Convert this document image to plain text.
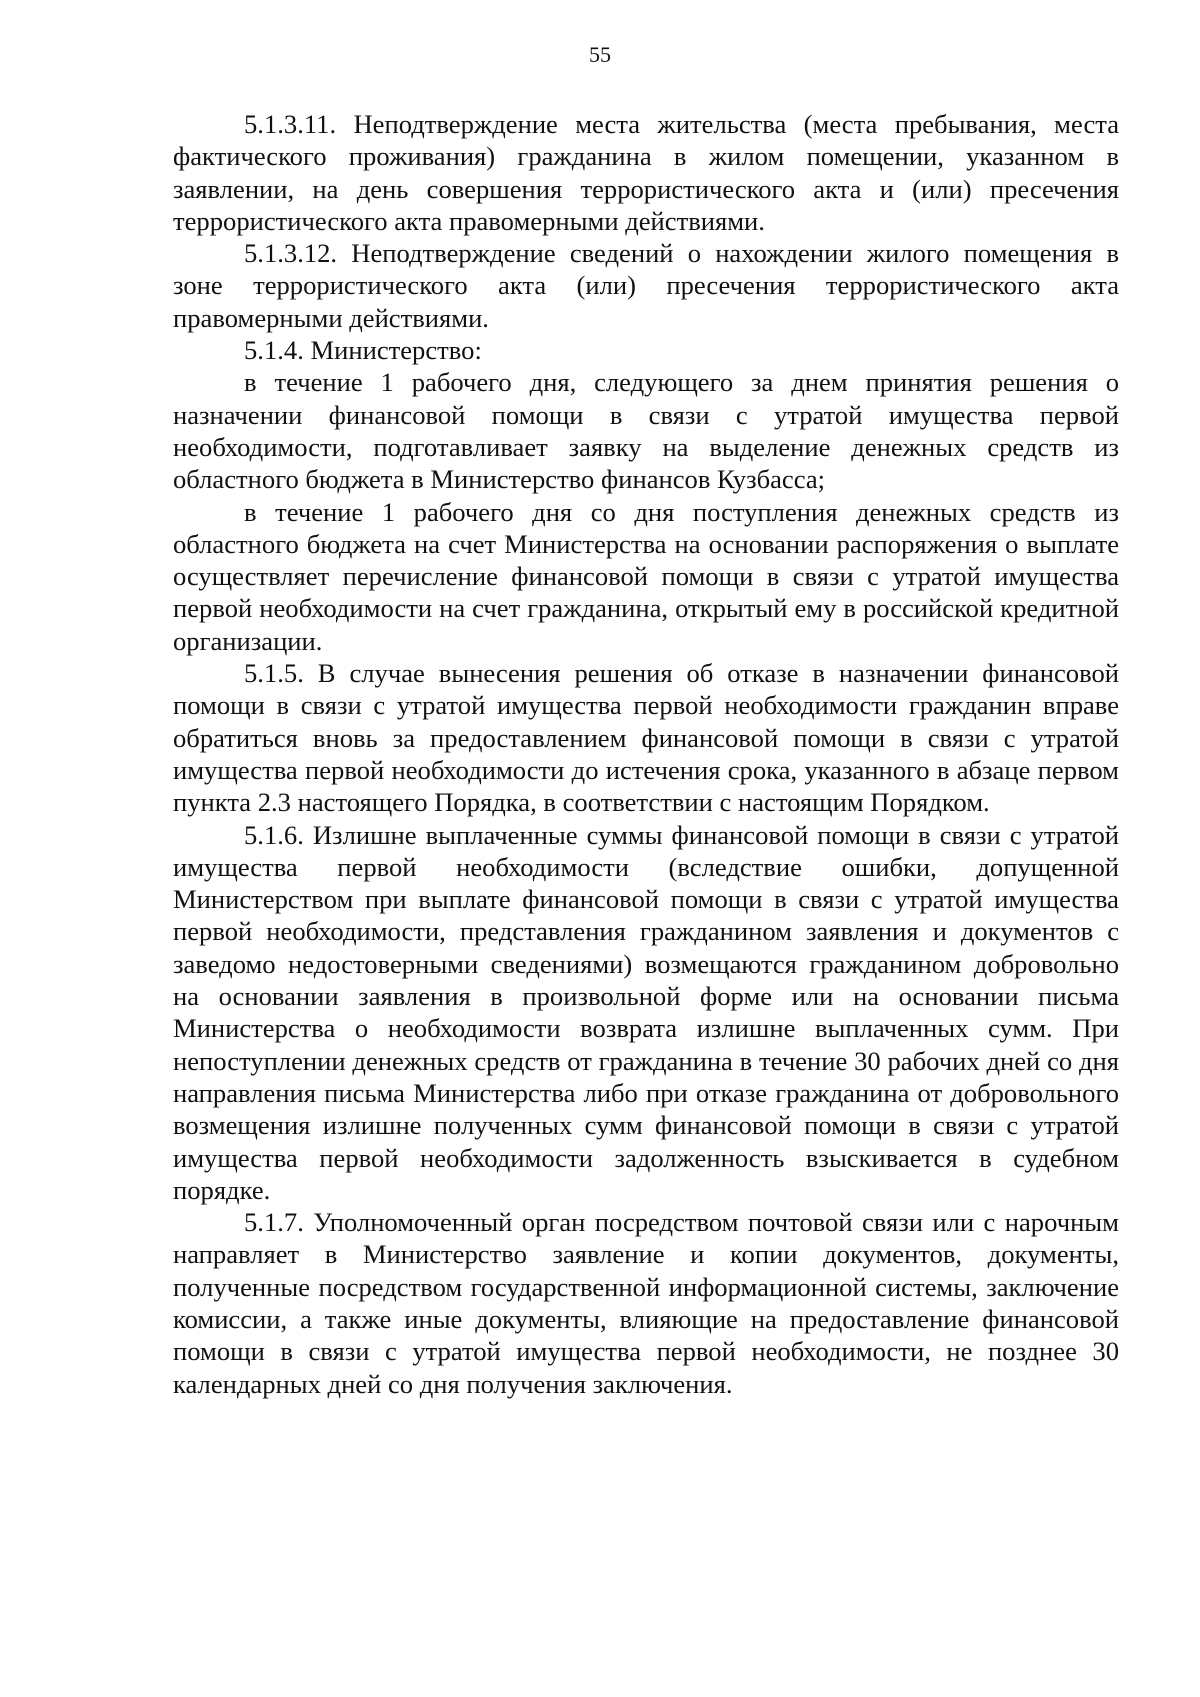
55

5.1.3.11. Неподтверждение места жительства (места пребывания, места фактического проживания) гражданина в жилом помещении, указанном в заявлении, на день совершения террористического акта и (или) пресечения террористического акта правомерными действиями.

5.1.3.12. Неподтверждение сведений о нахождении жилого помещения в зоне террористического акта (или) пресечения террористического акта правомерными действиями.

5.1.4. Министерство:

в течение 1 рабочего дня, следующего за днем принятия решения о назначении финансовой помощи в связи с утратой имущества первой необходимости, подготавливает заявку на выделение денежных средств из областного бюджета в Министерство финансов Кузбасса;

в течение 1 рабочего дня со дня поступления денежных средств из областного бюджета на счет Министерства на основании распоряжения о выплате осуществляет перечисление финансовой помощи в связи с утратой имущества первой необходимости на счет гражданина, открытый ему в российской кредитной организации.

5.1.5. В случае вынесения решения об отказе в назначении финансовой помощи в связи с утратой имущества первой необходимости гражданин вправе обратиться вновь за предоставлением финансовой помощи в связи с утратой имущества первой необходимости до истечения срока, указанного в абзаце первом пункта 2.3 настоящего Порядка, в соответствии с настоящим Порядком.

5.1.6. Излишне выплаченные суммы финансовой помощи в связи с утратой имущества первой необходимости (вследствие ошибки, допущенной Министерством при выплате финансовой помощи в связи с утратой имущества первой необходимости, представления гражданином заявления и документов с заведомо недостоверными сведениями) возмещаются гражданином добровольно на основании заявления в произвольной форме или на основании письма Министерства о необходимости возврата излишне выплаченных сумм. При непоступлении денежных средств от гражданина в течение 30 рабочих дней со дня направления письма Министерства либо при отказе гражданина от добровольного возмещения излишне полученных сумм финансовой помощи в связи с утратой имущества первой необходимости задолженность взыскивается в судебном порядке.

5.1.7. Уполномоченный орган посредством почтовой связи или с нарочным направляет в Министерство заявление и копии документов, документы, полученные посредством государственной информационной системы, заключение комиссии, а также иные документы, влияющие на предоставление финансовой помощи в связи с утратой имущества первой необходимости, не позднее 30 календарных дней со дня получения заключения.
